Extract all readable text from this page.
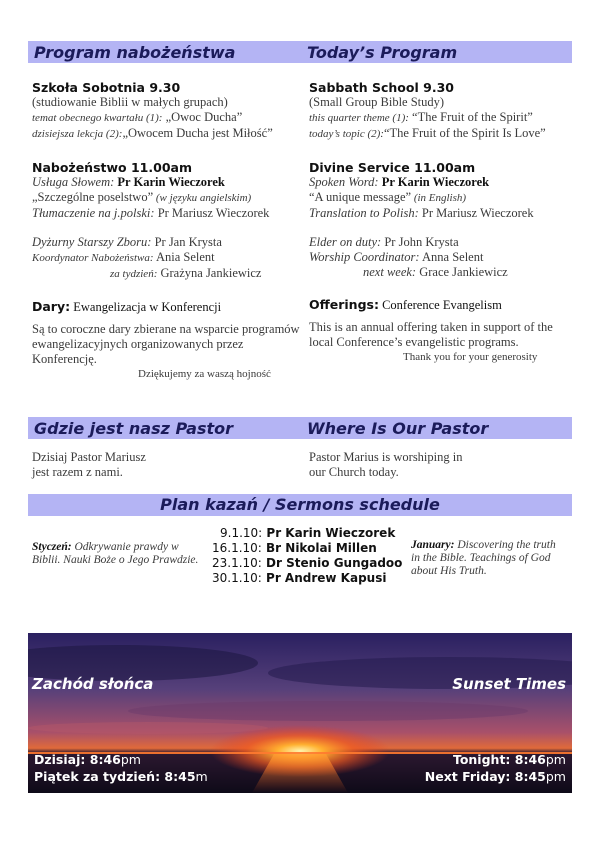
Program nabożeństwa	Today’s Program
Szkoła Sobotnia 9.30
(studiowanie Biblii w małych grupach)
temat obecnego kwartału (1): „Owoc Ducha”
dzisiejsza lekcja (2):„Owocem Ducha jest Miłość”
Nabożeństwo 11.00am
Usługa Słowem: Pr Karin Wieczorek
„Szczególne poselstwo” (w języku angielskim)
Tłumaczenie na j.polski: Pr Mariusz Wieczorek
Dyżurny Starszy Zboru: Pr Jan Krysta
Koordynator Nabożeństwa: Ania Selent
za tydzień: Grażyna Jankiewicz
Dary: Ewangelizacja w Konferencji
Są to coroczne dary zbierane na wsparcie programów ewangelizacyjnych organizowanych przez Konferencję.
Dziękujemy za waszą hojność
Sabbath School 9.30
(Small Group Bible Study)
this quarter theme (1): “The Fruit of the Spirit”
today’s topic (2):“The Fruit of the Spirit Is Love”
Divine Service 11.00am
Spoken Word: Pr Karin Wieczorek
“A unique message” (in English)
Translation to Polish: Pr Mariusz Wieczorek
Elder on duty: Pr John Krysta
Worship Coordinator: Anna Selent
next week: Grace Jankiewicz
Offerings: Conference Evangelism
This is an annual offering taken in support of the local Conference’s evangelistic programs.
Thank you for your generosity
Gdzie jest nasz Pastor	Where Is Our Pastor
Dzisiaj Pastor Mariusz
jest razem z nami.
Pastor Marius is worshiping in
our Church today.
Plan kazań / Sermons schedule
Styczeń: Odkrywanie prawdy w Biblii. Nauki Boże o Jego Prawdzie.
9.1.10: Pr Karin Wieczorek
16.1.10: Br Nikolai Millen
23.1.10: Dr Stenio Gungadoo
30.1.10: Pr Andrew Kapusi
January: Discovering the truth in the Bible. Teachings of God about His Truth.
Zachód słońca	Sunset Times
Dzisiaj: 8:46pm
Piątek za tydzień: 8:45m
Tonight: 8:46pm
Next Friday: 8:45pm
